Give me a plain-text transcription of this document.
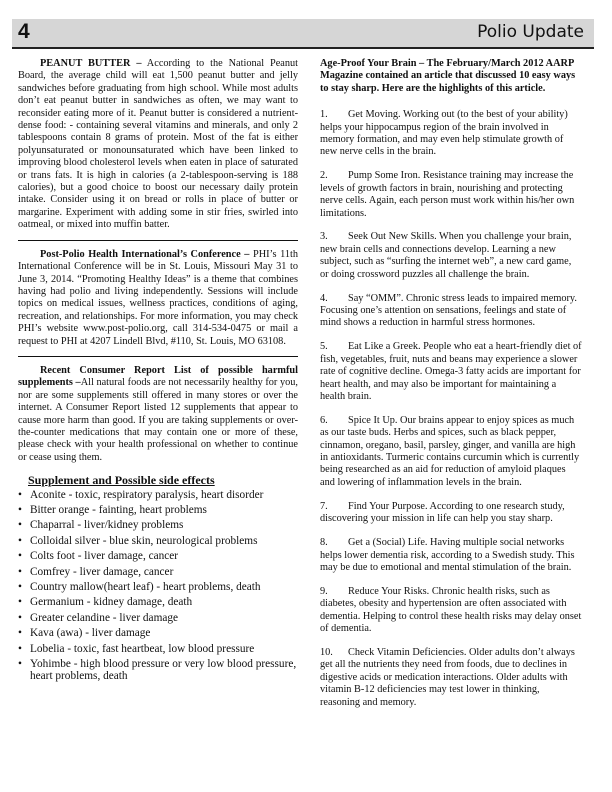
4	Polio Update

PEANUT BUTTER – According to the National Peanut Board, the average child will eat 1,500 peanut butter and jelly sandwiches before graduating from high school. While most adults don’t eat peanut butter in sandwiches as often, we may want to reconsider eating more of it. Peanut butter is considered a nutrient-dense food: - containing several vitamins and minerals, and only 2 tablespoons contain 8 grams of protein. Most of the fat is either polyunsaturated or monounsaturated which have been linked to improving blood cholesterol levels when eaten in place of saturated or trans fats. It is high in calories (a 2-tablespoon-serving is 188 calories), but a good choice to boost our necessary daily protein intake. Consider using it on bread or rolls in place of butter or margarine. Experiment with adding some in stir fries, swirled into oatmeal, or mixed into muffin batter.

Post-Polio Health International’s Conference – PHI’s 11th International Conference will be in St. Louis, Missouri May 31 to June 3, 2014. “Promoting Healthy Ideas” is a theme that combines having had polio and living independently. Sessions will include topics on medical issues, wellness practices, conditions of aging, recreation, and relationships. For more information, you may check PHI’s website www.post-polio.org, call 314-534-0475 or mail a request to PHI at 4207 Lindell Blvd, #110, St. Louis, MO 63108.

Recent Consumer Report List of possible harmful supplements –All natural foods are not necessarily healthy for you, nor are some supplements still offered in many stores or over the internet. A Consumer Report listed 12 supplements that appear to cause more harm than good. If you are taking supplements or over-the-counter medications that may contain one or more of these, please check with your health professional on whether to continue or cease using them.

Supplement and Possible side effects
• Aconite - toxic, respiratory paralysis, heart disorder
• Bitter orange - fainting, heart problems
• Chaparral - liver/kidney problems
• Colloidal silver - blue skin, neurological problems
• Colts foot - liver damage, cancer
• Comfrey - liver damage, cancer
• Country mallow(heart leaf) - heart problems, death
• Germanium - kidney damage, death
• Greater celandine - liver damage
• Kava (awa) - liver damage
• Lobelia - toxic, fast heartbeat, low blood pressure
• Yohimbe - high blood pressure or very low blood pressure, heart problems, death

Age-Proof Your Brain – The February/March 2012 AARP Magazine contained an article that discussed 10 easy ways to stay sharp. Here are the highlights of this article.

1. Get Moving. Working out (to the best of your ability) helps your hippocampus region of the brain involved in memory formation, and may even help stimulate growth of new nerve cells in the brain.
2. Pump Some Iron. Resistance training may increase the levels of growth factors in brain, nourishing and protecting nerve cells. Again, each person must work within his/her own limitations.
3. Seek Out New Skills. When you challenge your brain, new brain cells and connections develop. Learning a new subject, such as “surfing the internet web”, a new card game, or doing crossword puzzles all challenge the brain.
4. Say “OMM”. Chronic stress leads to impaired memory. Focusing one’s attention on sensations, feelings and state of mind shows a reduction in harmful stress hormones.
5. Eat Like a Greek. People who eat a heart-friendly diet of fish, vegetables, fruit, nuts and beans may experience a slower rate of cognitive decline. Omega-3 fatty acids are important for heart health, and may also be important for maintaining a health brain.
6. Spice It Up. Our brains appear to enjoy spices as much as our taste buds. Herbs and spices, such as black pepper, cinnamon, oregano, basil, parsley, ginger, and vanilla are high in antioxidants. Turmeric contains curcumin which is currently being researched as an aid for reduction of amyloid plaques and lowering of inflammation levels in the brain.
7. Find Your Purpose. According to one research study, discovering your mission in life can help you stay sharp.
8. Get a (Social) Life. Having multiple social networks helps lower dementia risk, according to a Swedish study. This may be due to emotional and mental stimulation of the brain.
9. Reduce Your Risks. Chronic health risks, such as diabetes, obesity and hypertension are often associated with dementia. Helping to control these health risks may delay onset of dementia.
10. Check Vitamin Deficiencies. Older adults don’t always get all the nutrients they need from foods, due to declines in digestive acids or medication interactions. Older adults with vitamin B-12 deficiencies may test lower in thinking, reasoning and memory.
